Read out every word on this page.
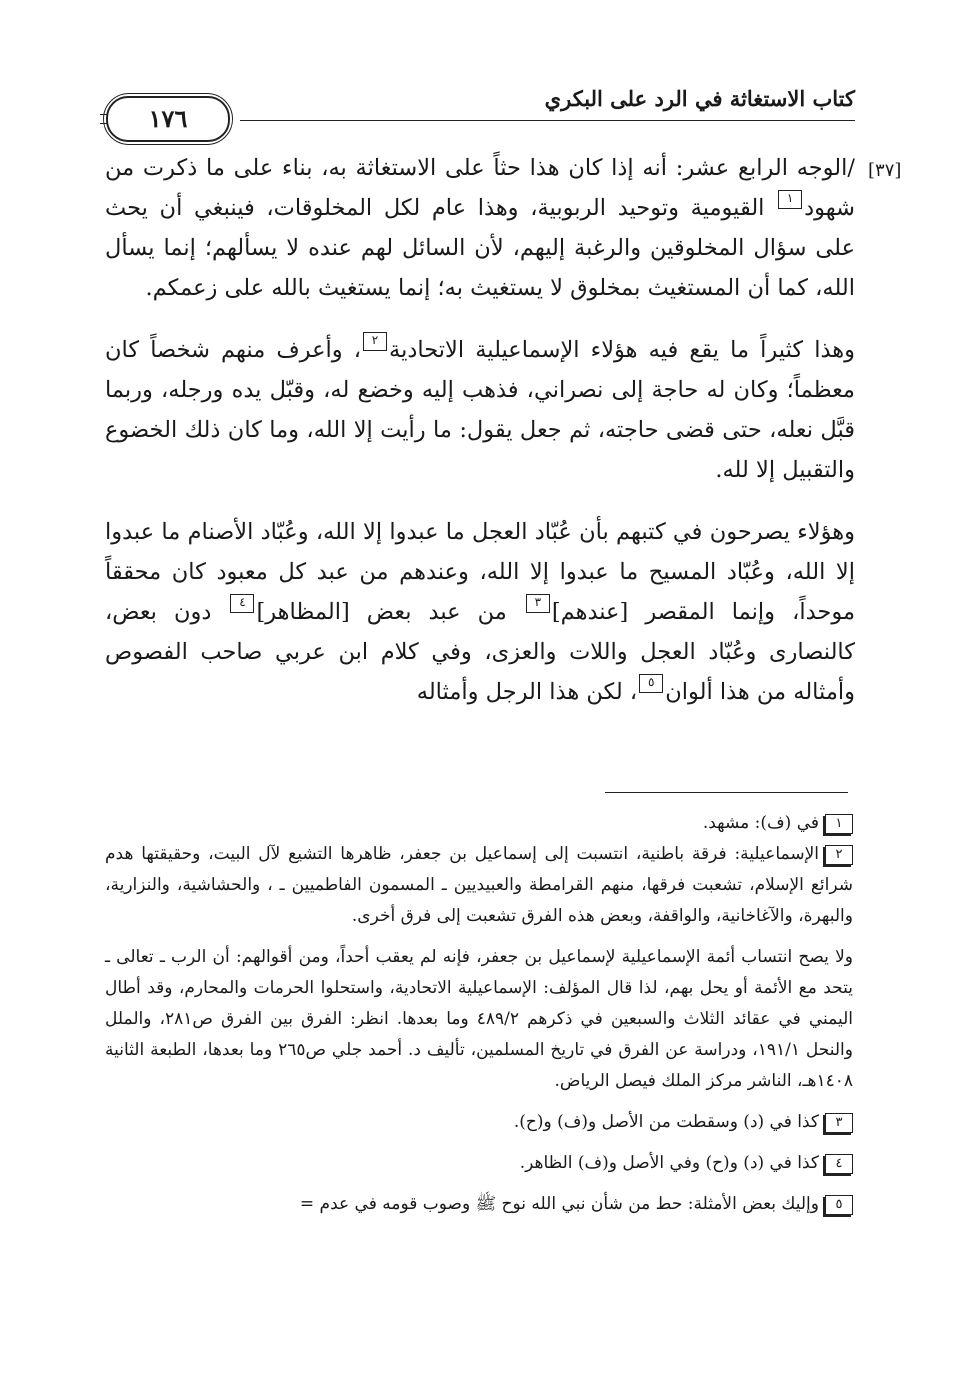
كتاب الاستغاثة في الرد على البكري
١٧٦
[٣٧]

/الوجه الرابع عشر: أنه إذا كان هذا حثاً على الاستغاثة به، بناء على ما ذكرت من شهود١ القيومية وتوحيد الربوبية، وهذا عام لكل المخلوقات، فينبغي أن يحث على سؤال المخلوقين والرغبة إليهم، لأن السائل لهم عنده لا يسألهم؛ إنما يسأل الله، كما أن المستغيث بمخلوق لا يستغيث به؛ إنما يستغيث بالله على زعمكم.

وهذا كثيراً ما يقع فيه هؤلاء الإسماعيلية الاتحادية٢، وأعرف منهم شخصاً كان معظماً؛ وكان له حاجة إلى نصراني، فذهب إليه وخضع له، وقبّل يده ورجله، وربما قبَّل نعله، حتى قضى حاجته، ثم جعل يقول: ما رأيت إلا الله، وما كان ذلك الخضوع والتقبيل إلا لله.

وهؤلاء يصرحون في كتبهم بأن عُبّاد العجل ما عبدوا إلا الله، وعُبّاد الأصنام ما عبدوا إلا الله، وعُبّاد المسيح ما عبدوا إلا الله، وعندهم من عبد كل معبود كان محققاً موحداً، وإنما المقصر [عندهم]٣ من عبد بعض [المظاهر]٤ دون بعض، كالنصارى وعُبّاد العجل واللات والعزى، وفي كلام ابن عربي صاحب الفصوص وأمثاله من هذا ألوان٥، لكن هذا الرجل وأمثاله

١في (ف): مشهد.

٢الإسماعيلية: فرقة باطنية، انتسبت إلى إسماعيل بن جعفر، ظاهرها التشيع لآل البيت، وحقيقتها هدم شرائع الإسلام، تشعبت فرقها، منهم القرامطة والعبيديين ـ المسمون الفاطميين ـ ، والحشاشية، والنزارية، والبهرة، والآغاخانية، والواقفة، وبعض هذه الفرق تشعبت إلى فرق أخرى.

ولا يصح انتساب أئمة الإسماعيلية لإسماعيل بن جعفر، فإنه لم يعقب أحداً، ومن أقوالهم: أن الرب ـ تعالى ـ يتحد مع الأئمة أو يحل بهم، لذا قال المؤلف: الإسماعيلية الاتحادية، واستحلوا الحرمات والمحارم، وقد أطال اليمني في عقائد الثلاث والسبعين في ذكرهم ٤٨٩/٢ وما بعدها. انظر: الفرق بين الفرق ص٢٨١، والملل والنحل ١٩١/١، ودراسة عن الفرق في تاريخ المسلمين، تأليف د. أحمد جلي ص٢٦٥ وما بعدها، الطبعة الثانية ١٤٠٨هـ، الناشر مركز الملك فيصل الرياض.

٣كذا في (د) وسقطت من الأصل و(ف) و(ح).

٤كذا في (د) و(ح) وفي الأصل و(ف) الظاهر.

٥وإليك بعض الأمثلة: حط من شأن نبي الله نوح ﷺ وصوب قومه في عدم =
